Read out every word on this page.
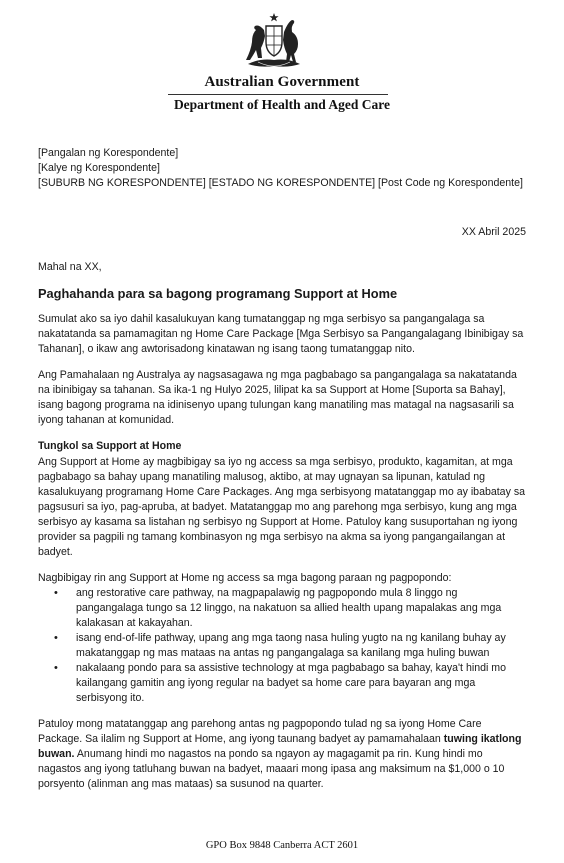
Australian Government
Department of Health and Aged Care
[Pangalan ng Korespondente]
[Kalye ng Korespondente]
[SUBURB NG KORESPONDENTE] [ESTADO NG KORESPONDENTE] [Post Code ng Korespondente]
XX Abril 2025
Mahal na XX,
Paghahanda para sa bagong programang Support at Home

Sumulat ako sa iyo dahil kasalukuyan kang tumatanggap ng mga serbisyo sa pangangalaga sa nakatatanda sa pamamagitan ng Home Care Package [Mga Serbisyo sa Pangangalagang Ibinibigay sa Tahanan], o ikaw ang awtorisadong kinatawan ng isang taong tumatanggap nito.

Ang Pamahalaan ng Australya ay nagsasagawa ng mga pagbabago sa pangangalaga sa nakatatanda na ibinibigay sa tahanan. Sa ika-1 ng Hulyo 2025, lilipat ka sa Support at Home [Suporta sa Bahay], isang bagong programa na idinisenyo upang tulungan kang manatiling mas matagal na nagsasarili sa iyong tahanan at komunidad.

Tungkol sa Support at Home

Ang Support at Home ay magbibigay sa iyo ng access sa mga serbisyo, produkto, kagamitan, at mga pagbabago sa bahay upang manatiling malusog, aktibo, at may ugnayan sa lipunan, katulad ng kasalukuyang programang Home Care Packages. Ang mga serbisyong matatanggap mo ay ibabatay sa pagsusuri sa iyo, pag-apruba, at badyet. Matatanggap mo ang parehong mga serbisyo, kung ang mga serbisyo ay kasama sa listahan ng serbisyo ng Support at Home. Patuloy kang susuportahan ng iyong provider sa pagpili ng tamang kombinasyon ng mga serbisyo na akma sa iyong pangangailangan at badyet.

Nagbibigay rin ang Support at Home ng access sa mga bagong paraan ng pagpopondo:

• ang restorative care pathway, na magpapalawig ng pagpopondo mula 8 linggo ng pangangalaga tungo sa 12 linggo, na nakatuon sa allied health upang mapalakas ang mga kalakasan at kakayahan.
• isang end-of-life pathway, upang ang mga taong nasa huling yugto na ng kanilang buhay ay makatanggap ng mas mataas na antas ng pangangalaga sa kanilang mga huling buwan
• nakalaang pondo para sa assistive technology at mga pagbabago sa bahay, kaya't hindi mo kailangang gamitin ang iyong regular na badyet sa home care para bayaran ang mga serbisyong ito.

Patuloy mong matatanggap ang parehong antas ng pagpopondo tulad ng sa iyong Home Care Package. Sa ilalim ng Support at Home, ang iyong taunang badyet ay pamamahalaan tuwing ikatlong buwan. Anumang hindi mo nagastos na pondo sa ngayon ay magagamit pa rin. Kung hindi mo nagastos ang iyong tatluhang buwan na badyet, maaari mong ipasa ang maksimum na $1,000 o 10 porsyento (alinman ang mas mataas) sa susunod na quarter.

GPO Box 9848 Canberra ACT 2601
